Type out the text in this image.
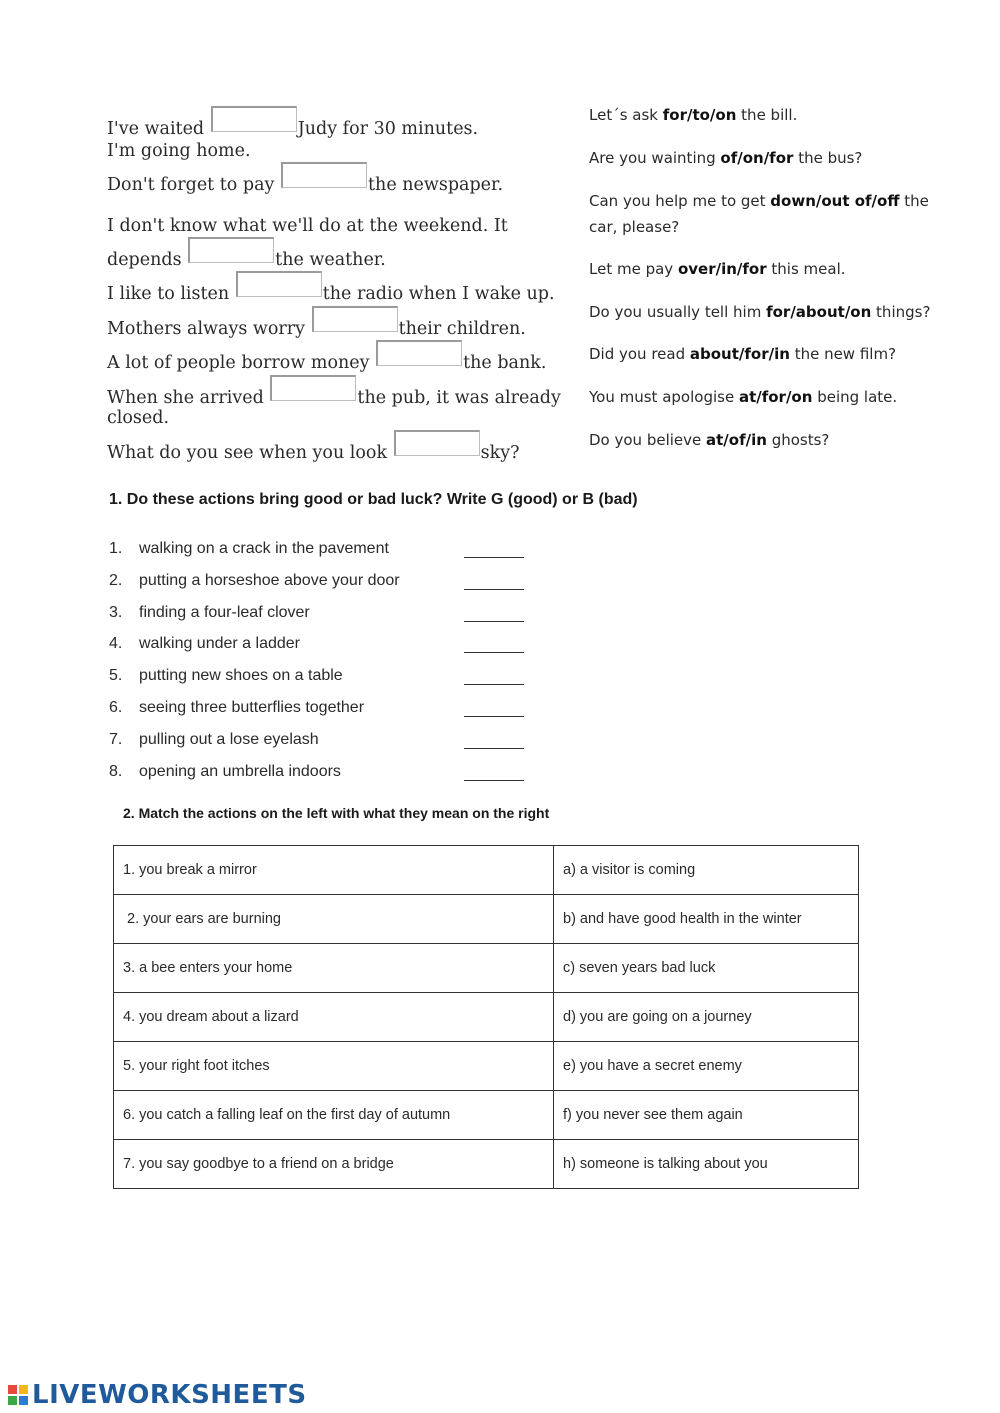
I've waited	Judy for 30 minutes.
I'm going home.
Don't forget to pay	the newspaper.
I don't know what we'll do at the weekend. It
depends	the weather.
I like to listen	the radio when I wake up.
Mothers always worry	their children.
A lot of people borrow money	the bank.
When she arrived	the pub, it was already
closed.
What do you see when you look	sky?
Let´s ask for/to/on the bill.
Are you wainting of/on/for the bus?
Can you help me to get down/out of/off the
car, please?
Let me pay over/in/for this meal.
Do you usually tell him for/about/on things?
Did you read about/for/in the new film?
You must apologise at/for/on being late.
Do you believe at/of/in ghosts?
1. Do these actions bring good or bad luck? Write G (good) or B (bad)
1. walking on a crack in the pavement
2. putting a horseshoe above your door
3. finding a four-leaf clover
4. walking under a ladder
5. putting new shoes on a table
6. seeing three butterflies together
7. pulling out a lose eyelash
8. opening an umbrella indoors
2. Match the actions on the left with what they mean on the right
1. you break a mirror	a) a visitor is coming
2. your ears are burning	b) and have good health in the winter
3. a bee enters your home	c) seven years bad luck
4. you dream about a lizard	d) you are going on a journey
5. your right foot itches	e) you have a secret enemy
6. you catch a falling leaf on the first day of autumn	f) you never see them again
7. you say goodbye to a friend on a bridge	h) someone is talking about you
LIVEWORKSHEETS
